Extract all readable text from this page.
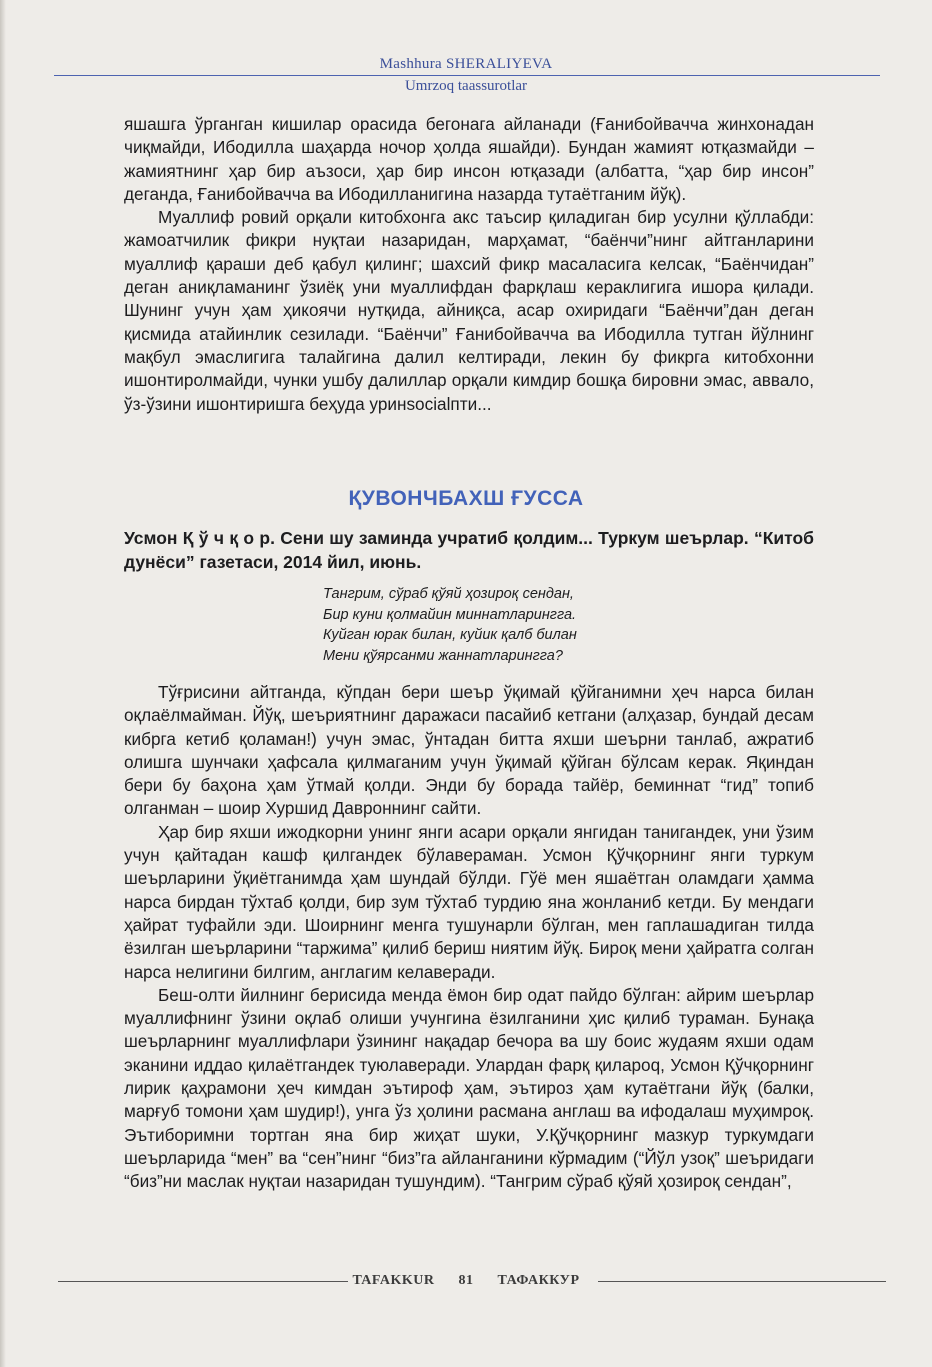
Mashhura SHERALIYEVA
Umrzoq taassurotlar

яшашга ўрганган кишилар орасида бегонага айланади (Ғанибойвачча жинхонадан чиқмайди, Ибодилла шаҳарда ночор ҳолда яшайди). Бундан жамият ютқазмайди – жамиятнинг ҳар бир аъзоси, ҳар бир инсон ютқазади (албатта, “ҳар бир инсон” деганда, Ғанибойвачча ва Ибодилланигина назарда тутаётганим йўқ).

Муаллиф ровий орқали китобхонга акс таъсир қиладиган бир усулни қўллабди: жамоатчилик фикри нуқтаи назаридан, марҳамат, “баёнчи”нинг айтганларини муаллиф қараши деб қабул қилинг; шахсий фикр масаласига келсак, “Баёнчидан” деган аниқламанинг ўзиёқ уни муаллифдан фарқлаш кераклигига ишора қилади. Шунинг учун ҳам ҳикоячи нутқида, айниқса, асар охиридаги “Баёнчи”дан деган қисмида атайинлик сезилади. “Баёнчи” Ғанибойвачча ва Ибодилла тутган йўлнинг мақбул эмаслигига талайгина далил келтиради, лекин бу фикрга китобхонни ишонтиролмайди, чунки ушбу далиллар орқали кимдир бошқа бировни эмас, аввало, ўз-ўзини ишонтиришга беҳуда уринsocialпти...

ҚУВОНЧБАХШ ҒУССА
Усмон Қ ў ч қ о р. Сени шу заминда учратиб қолдим... Туркум шеърлар. “Китоб дунёси” газетаси, 2014 йил, июнь.
Тангрим, сўраб қўяй ҳозироқ сендан,
Бир куни қолмайин миннатларингга.
Куйган юрак билан, куйик қалб билан
Мени қўярсанми жаннатларингга?

Тўғрисини айтганда, кўпдан бери шеър ўқимай қўйганимни ҳеч нарса билан оқлаёлмайман. Йўқ, шеъриятнинг даражаси пасайиб кетгани (алҳазар, бундай десам кибрга кетиб қоламан!) учун эмас, ўнтадан битта яхши шеърни танлаб, ажратиб олишга шунчаки ҳафсала қилмаганим учун ўқимай қўйган бўлсам керак. Яқиндан бери бу баҳона ҳам ўтмай қолди. Энди бу борада тайёр, беминнат “гид” топиб олганман – шоир Хуршид Давроннинг сайти.

Ҳар бир яхши ижодкорни унинг янги асари орқали янгидан танигандек, уни ўзим учун қайтадан кашф қилгандек бўлавераман. Усмон Қўчқорнинг янги туркум шеърларини ўқиётганимда ҳам шундай бўлди. Гўё мен яшаётган оламдаги ҳамма нарса бирдан тўхтаб қолди, бир зум тўхтаб турдию яна жонланиб кетди. Бу мендаги ҳайрат туфайли эди. Шоирнинг менга тушунарли бўлган, мен гаплашадиган тилда ёзилган шеърларини “таржима” қилиб бериш ниятим йўқ. Бироқ мени ҳайратга солган нарса нелигини билгим, англагим келаверади.

Беш-олти йилнинг берисида менда ёмон бир одат пайдо бўлган: айрим шеърлар муаллифнинг ўзини оқлаб олиши учунгина ёзилганини ҳис қилиб тураман. Бунақа шеърларнинг муаллифлари ўзининг нақадар бечора ва шу боис жудаям яхши одам эканини иддао қилаётгандек туюлаверади. Улардан фарқ қиларoq, Усмон Қўчқорнинг лирик қаҳрамони ҳеч кимдан эътироф ҳам, эътироз ҳам кутаётгани йўқ (балки, марғуб томони ҳам шудир!), унга ўз ҳолини расмана англаш ва ифодалаш муҳимроқ. Эътиборимни тортган яна бир жиҳат шуки, У.Қўчқорнинг мазкур туркумдаги шеърларида “мен” ва “сен”нинг “биз”га айланганини кўрмадим (“Йўл узоқ” шеъридаги “биз”ни маслак нуқтаи назаридан тушундим). “Тангрим сўраб қўяй ҳозироқ сендан”,

TAFAKKUR 81 ТАФАККУР
